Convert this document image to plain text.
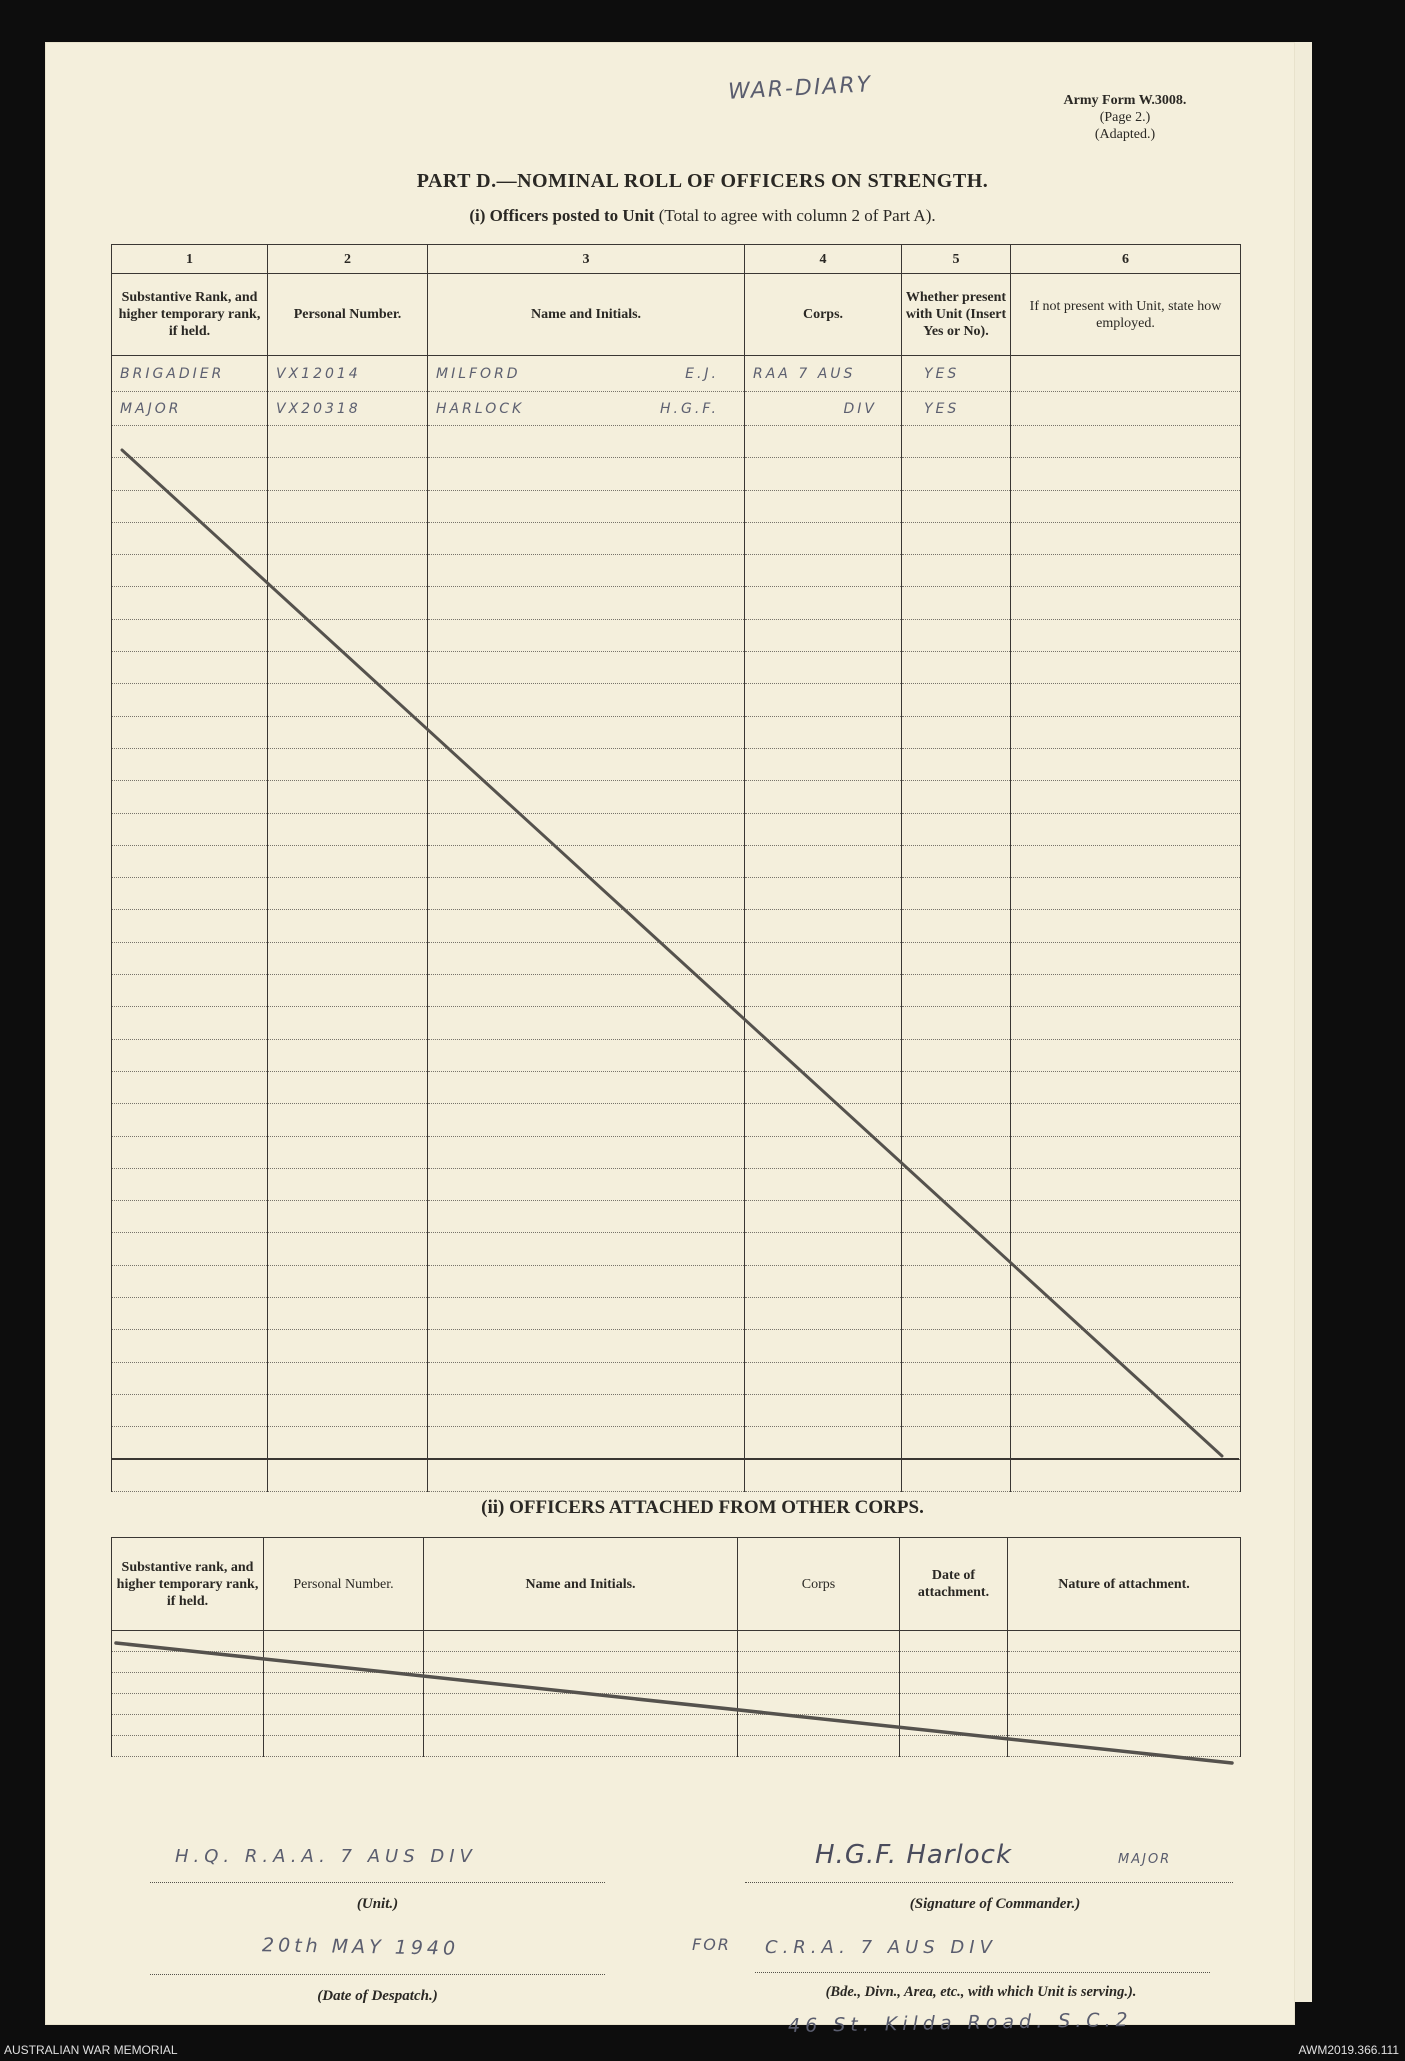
WAR-DIARY	Army Form W.3008.
(Page 2.)
(Adapted.)
PART D.—NOMINAL ROLL OF OFFICERS ON STRENGTH.
(i) Officers posted to Unit (Total to agree with column 2 of Part A).
1	2	3	4	5	6
Substantive Rank, and higher temporary rank, if held.	Personal Number.	Name and Initials.	Corps.	Whether present with Unit (Insert Yes or No).	If not present with Unit, state how employed.
BRIGADIER	VX12014	MILFORD E.J.	RAA 7 AUS	YES	
MAJOR	VX20318	HARLOCK H.G.F.	DIV	YES	

(ii) OFFICERS ATTACHED FROM OTHER CORPS.
Substantive rank, and higher temporary rank, if held.	Personal Number.	Name and Initials.	Corps	Date of attachment.	Nature of attachment.

H.Q. R.A.A. 7 AUS DIV
(Unit.)
H.G.F. Harlock	MAJOR
(Signature of Commander.)
20th MAY 1940
(Date of Despatch.)
FOR C.R.A. 7 AUS DIV
(Bde., Divn., Area, etc., with which Unit is serving.).
46 St. Kilda Road. S.C.2
AUSTRALIAN WAR MEMORIAL	AWM2019.366.111
